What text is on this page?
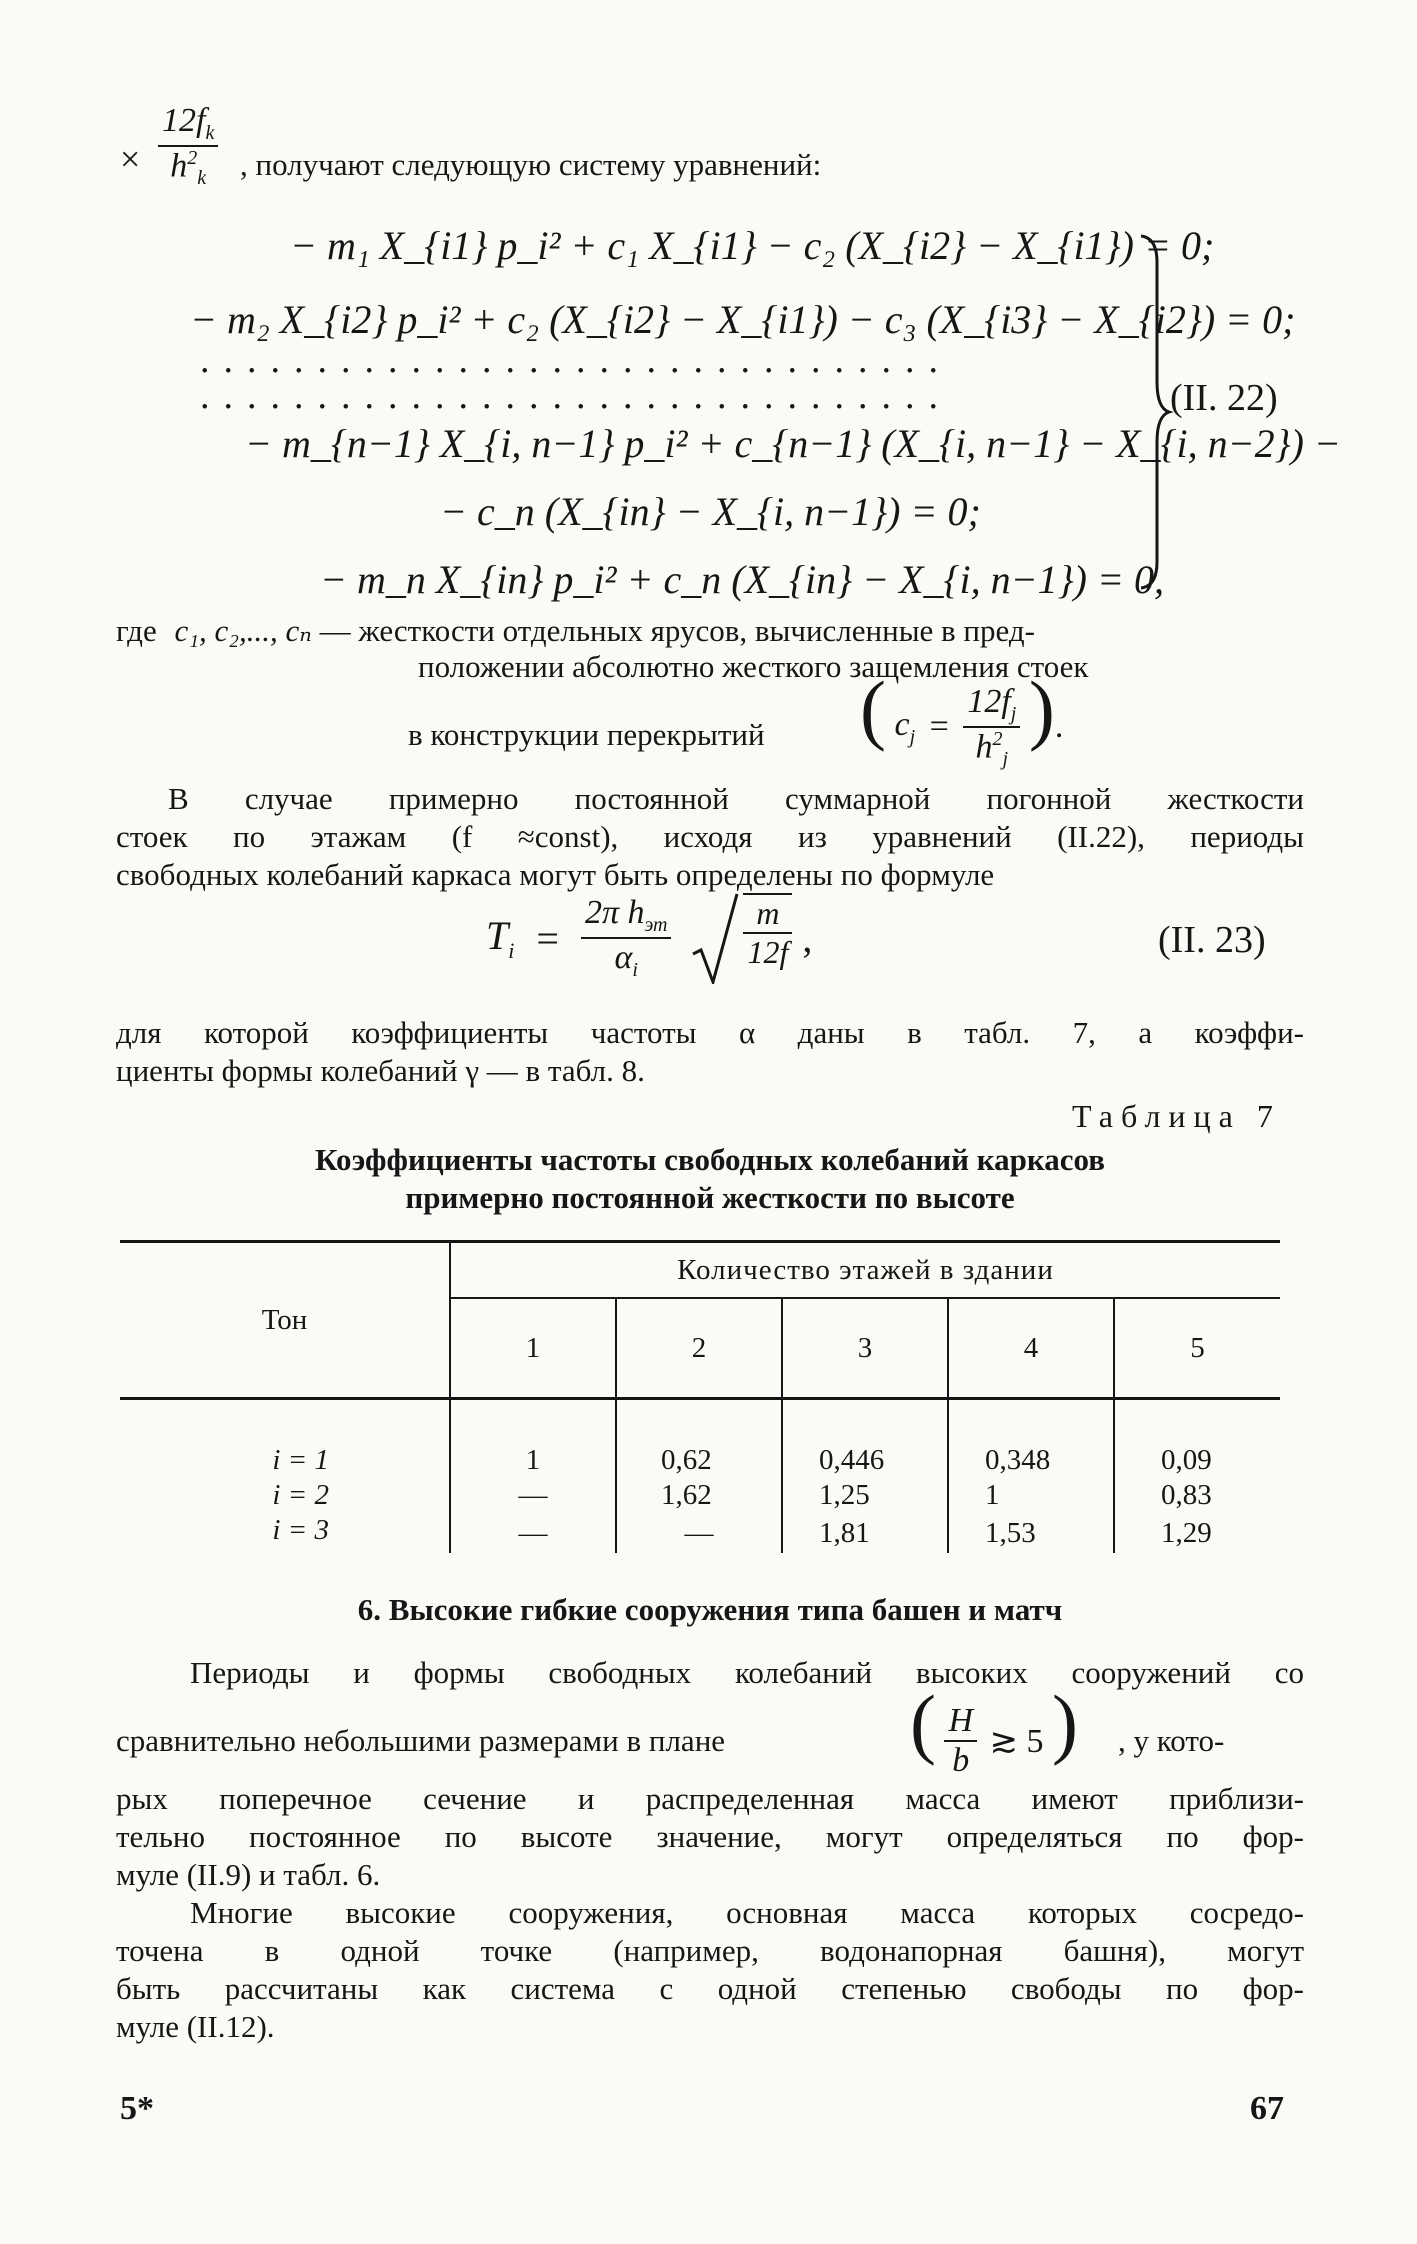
× $\frac{12f_k}{h^2_k}$ , получают следующую систему уравнений:
− m₁ X_{i1} p_i² + c₁ X_{i1} − c₂ (X_{i2} − X_{i1}) = 0;
− m₂ X_{i2} p_i² + c₂ (X_{i2} − X_{i1}) − c₃ (X_{i3} − X_{i2}) = 0;
................................
................................
− m_{n−1} X_{i, n−1} p_i² + c_{n−1} (X_{i, n−1} − X_{i, n−2}) −
− c_n (X_{in} − X_{i, n−1}) = 0;
− m_n X_{in} p_i² + c_n (X_{in} − X_{i, n−1}) = 0,
(II. 22)
где c₁, c₂,..., cₙ — жесткости отдельных ярусов, вычисленные в пред-
положении абсолютно жесткого защемления стоек
в конструкции перекрытий ( $c_j = \frac{12f_j}{h^2_j}$ ).
В случае примерно постоянной суммарной погонной жесткости
стоек по этажам (f ≈const), исходя из уравнений (II.22), периоды
свободных колебаний каркаса могут быть определены по формуле
$T_i = \frac{2\pi h_{эт}}{\alpha_i}$
$\frac{m}{12f}$ ,	(II. 23)
для которой коэффициенты частоты α даны в табл. 7, а коэффи-
циенты формы колебаний γ — в табл. 8.
Таблица 7
Коэффициенты частоты свободных колебаний каркасов
примерно постоянной жесткости по высоте
Тон	Количество этажей в здании				
	1	2	3	4	5
i = 1	1	0,62	0,446	0,348	0,09
i = 2	—	1,62	1,25	1	0,83
i = 3	—	—	1,81	1,53	1,29
6. Высокие гибкие сооружения типа башен и матч
Периоды и формы свободных колебаний высоких сооружений со
сравнительно небольшими размерами в плане ( $\frac{H}{b}$ ≳ 5 ) , у кото-
рых поперечное сечение и распределенная масса имеют приблизи-
тельно постоянное по высоте значение, могут определяться по фор-
муле (II.9) и табл. 6.
Многие высокие сооружения, основная масса которых сосредо-
точена в одной точке (например, водонапорная башня), могут
быть рассчитаны как система с одной степенью свободы по фор-
муле (II.12).
5*	67
